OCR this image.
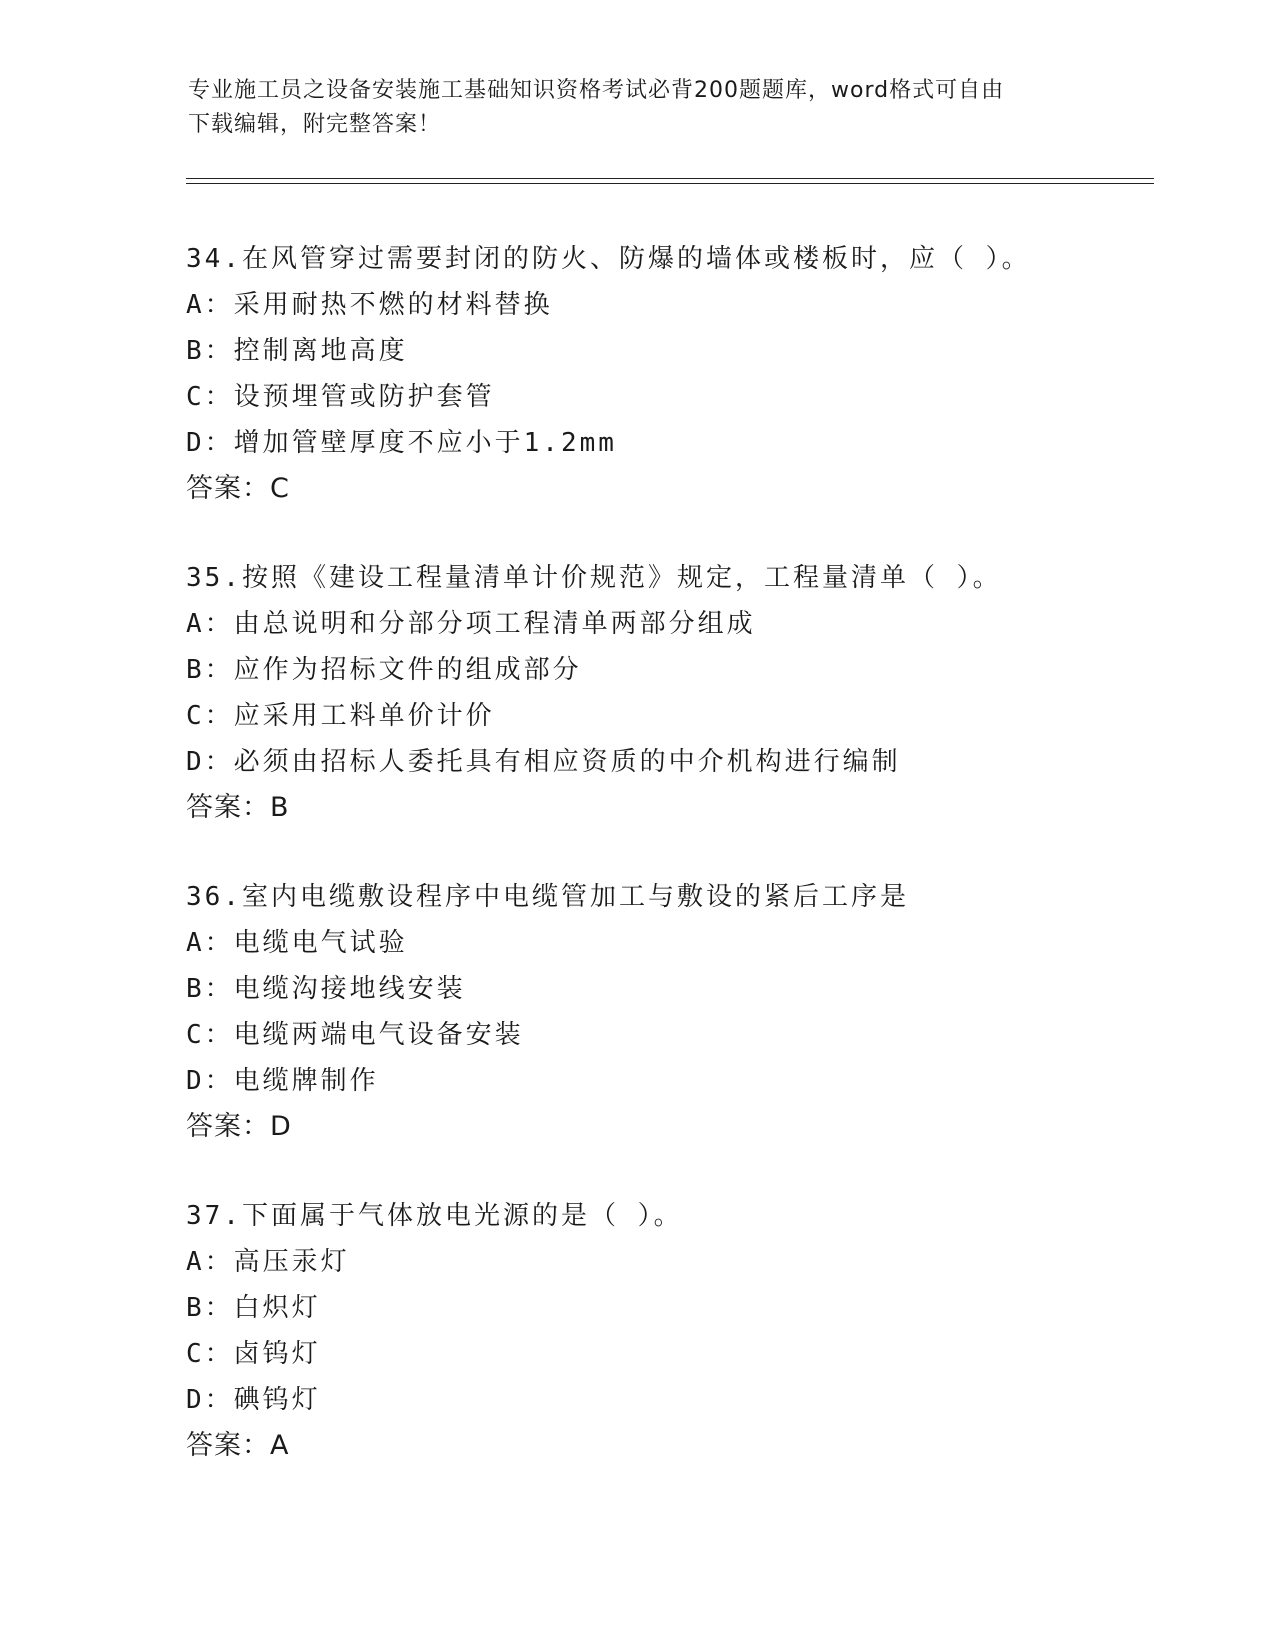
专业施工员之设备安装施工基础知识资格考试必背200题题库，word格式可自由
下载编辑，附完整答案！
34.在风管穿过需要封闭的防火、防爆的墙体或楼板时，应（ ）。
A：采用耐热不燃的材料替换
B：控制离地高度
C：设预埋管或防护套管
D：增加管壁厚度不应小于1.2mm
答案：C
35.按照《建设工程量清单计价规范》规定，工程量清单（ ）。
A：由总说明和分部分项工程清单两部分组成
B：应作为招标文件的组成部分
C：应采用工料单价计价
D：必须由招标人委托具有相应资质的中介机构进行编制
答案：B
36.室内电缆敷设程序中电缆管加工与敷设的紧后工序是
A：电缆电气试验
B：电缆沟接地线安装
C：电缆两端电气设备安装
D：电缆牌制作
答案：D
37.下面属于气体放电光源的是（ ）。
A：高压汞灯
B：白炽灯
C：卤钨灯
D：碘钨灯
答案：A
